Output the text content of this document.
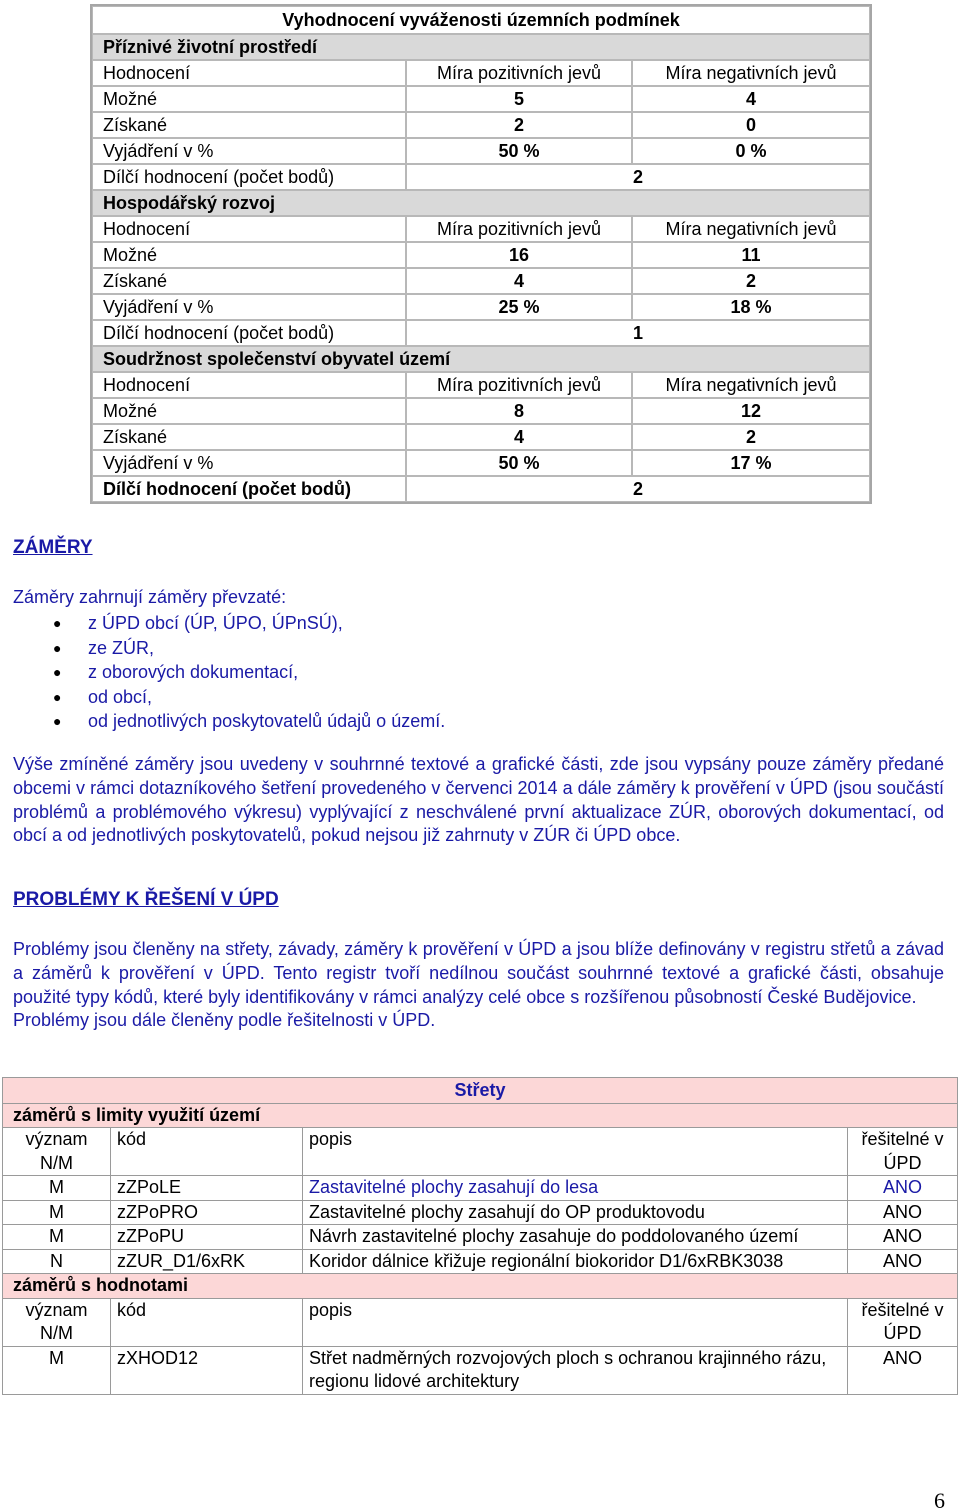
Vyhodnocení vyváženosti územních podmínek		
Příznivé životní prostředí		
Hodnocení	Míra pozitivních jevů	Míra negativních jevů
Možné	5	4
Získané	2	0
Vyjádření v %	50 %	0 %
Dílčí hodnocení (počet bodů)	2	
Hospodářský rozvoj		
Hodnocení	Míra pozitivních jevů	Míra negativních jevů
Možné	16	11
Získané	4	2
Vyjádření v %	25 %	18 %
Dílčí hodnocení (počet bodů)	1	
Soudržnost společenství obyvatel území		
Hodnocení	Míra pozitivních jevů	Míra negativních jevů
Možné	8	12
Získané	4	2
Vyjádření v %	50 %	17 %
Dílčí hodnocení (počet bodů)	2	
ZÁMĚRY
Záměry zahrnují záměry převzaté:
● z ÚPD obcí (ÚP, ÚPO, ÚPnSÚ),
● ze ZÚR,
● z oborových dokumentací,
● od obcí,
● od jednotlivých poskytovatelů údajů o území.

Výše zmíněné záměry jsou uvedeny v souhrnné textové a grafické části, zde jsou vypsány pouze záměry předané obcemi v rámci dotazníkového šetření provedeného v červenci 2014 a dále záměry k prověření v ÚPD (jsou součástí problémů a problémového výkresu) vyplývající z neschválené první aktualizace ZÚR, oborových dokumentací, od obcí a od jednotlivých poskytovatelů, pokud nejsou již zahrnuty v ZÚR či ÚPD obce.

PROBLÉMY K ŘEŠENÍ V ÚPD
Problémy jsou členěny na střety, závady, záměry k prověření v ÚPD a jsou blíže definovány v registru střetů a závad a záměrů k prověření v ÚPD. Tento registr tvoří nedílnou součást souhrnné textové a grafické části, obsahuje použité typy kódů, které byly identifikovány v rámci analýzy celé obce s rozšířenou působností České Budějovice.
Problémy jsou dále členěny podle řešitelnosti v ÚPD.
Střety			
záměrů s limity využití území			
význam N/M	kód	popis	řešitelné v ÚPD
M	zZPoLE	Zastavitelné plochy zasahují do lesa	ANO
M	zZPoPRO	Zastavitelné plochy zasahují do OP produktovodu	ANO
M	zZPoPU	Návrh zastavitelné plochy zasahuje do poddolovaného území	ANO
N	zZUR_D1/6xRK	Koridor dálnice křižuje regionální biokoridor D1/6xRBK3038	ANO
záměrů s hodnotami			
význam N/M	kód	popis	řešitelné v ÚPD
M	zXHOD12	Střet nadměrných rozvojových ploch s ochranou krajinného rázu, regionu lidové architektury	ANO
6
